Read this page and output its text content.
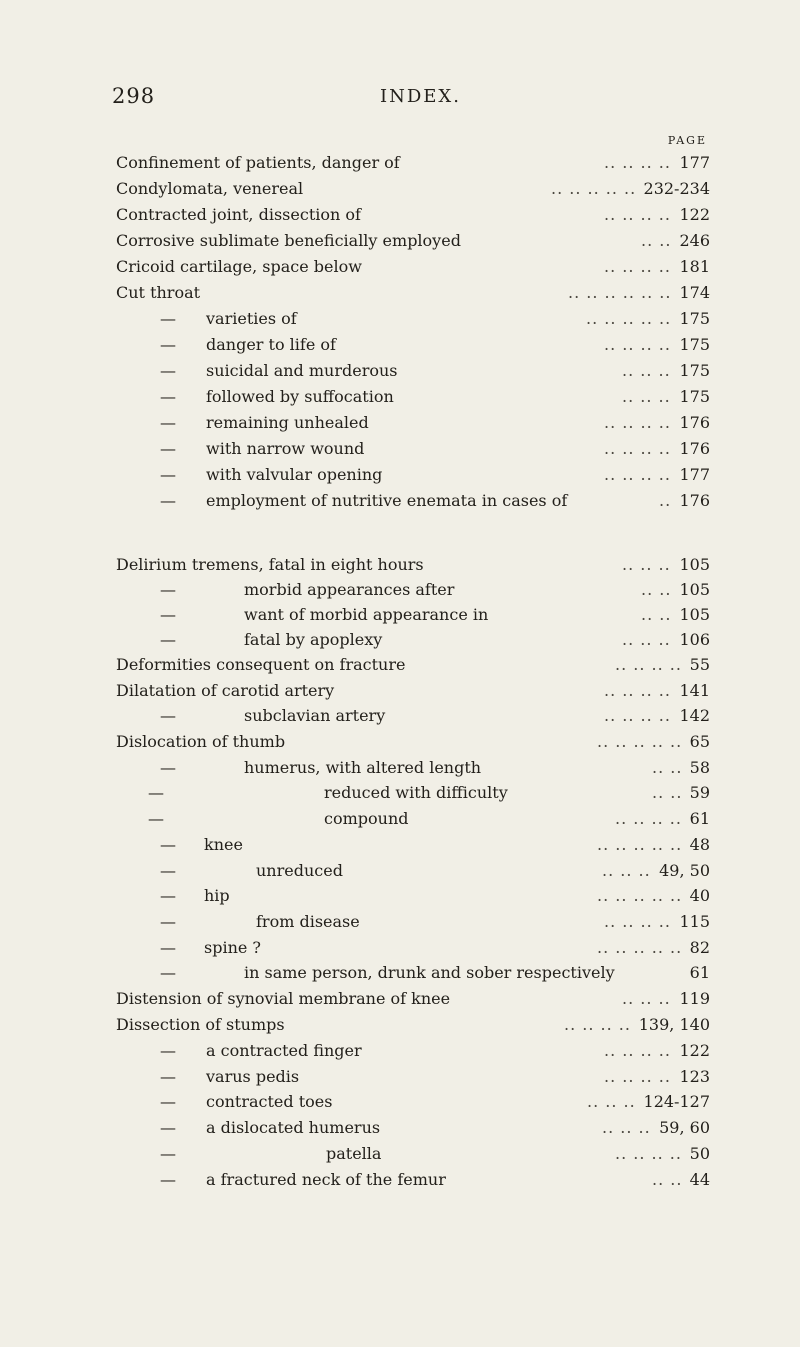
298	INDEX.
PAGE
Confinement of patients, danger of	177
.. .. .. ..
Condylomata, venereal	232-234
.. .. .. .. ..
Contracted joint, dissection of	122
.. .. .. ..
Corrosive sublimate beneficially employed	246
.. ..
Cricoid cartilage, space below	181
.. .. .. ..
Cut throat	174
.. .. .. .. .. ..
— varieties of	175
.. .. .. .. ..
— danger to life of	175
.. .. .. ..
— suicidal and murderous	175
.. .. ..
— followed by suffocation	175
.. .. ..
— remaining unhealed	176
.. .. .. ..
— with narrow wound	176
.. .. .. ..
— with valvular opening	177
.. .. .. ..
— employment of nutritive enemata in cases of	176
..
Delirium tremens, fatal in eight hours	105
.. .. ..
—	morbid appearances after	105
.. ..
—	want of morbid appearance in	105
.. ..
—	fatal by apoplexy	106
.. .. ..
Deformities consequent on fracture	55
.. .. .. ..
Dilatation of carotid artery	141
.. .. .. ..
—	subclavian artery	142
.. .. .. ..
Dislocation of thumb	65
.. .. .. .. ..
—	humerus, with altered length	58
.. ..
—	reduced with difficulty	59
.. ..
—	compound	61
.. .. .. ..
— knee	48
.. .. .. .. ..
—	unreduced	49, 50
.. .. ..
— hip	40
.. .. .. .. ..
—	from disease	115
.. .. .. ..
— spine ?	82
.. .. .. .. ..
—	in same person, drunk and sober respectively	61
Distension of synovial membrane of knee	119
.. .. ..
Dissection of stumps	139, 140
.. .. .. ..
— a contracted finger	122
.. .. .. ..
— varus pedis	123
.. .. .. ..
— contracted toes	124-127
.. .. ..
— a dislocated humerus	59, 60
.. .. ..
—	patella	50
.. .. .. ..
— a fractured neck of the femur	44
.. ..
